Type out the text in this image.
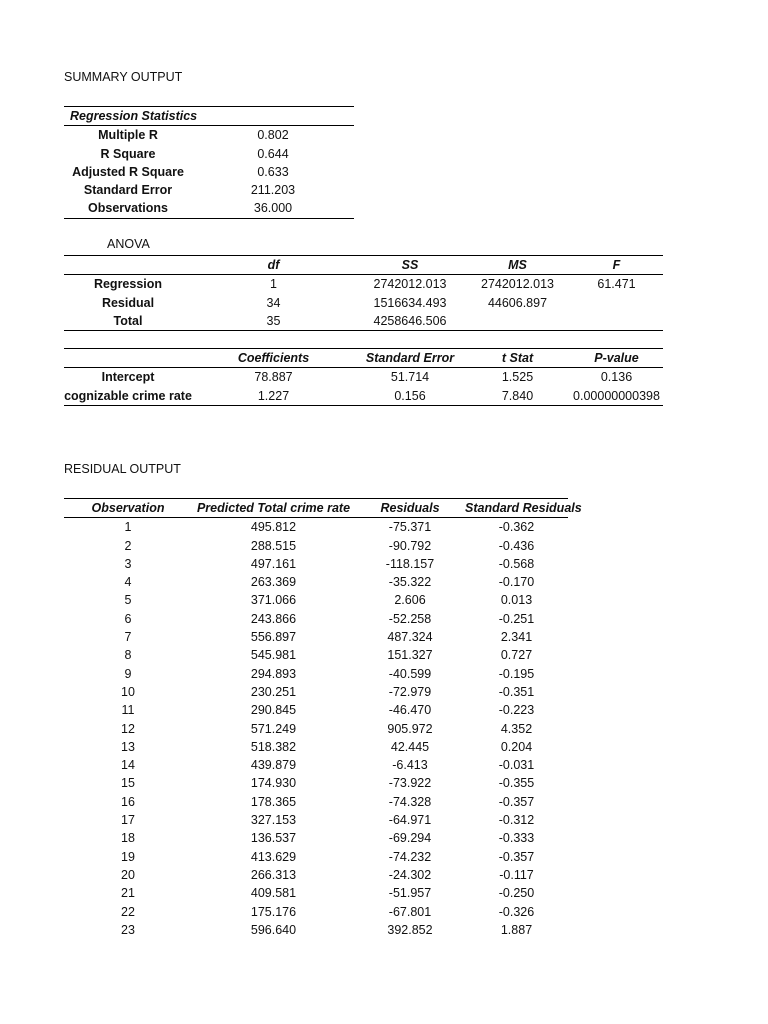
SUMMARY OUTPUT
Regression Statistics	
Multiple R	0.802
R Square	0.644
Adjusted R Square	0.633
Standard Error	211.203
Observations	36.000
ANOVA
	df	SS	MS	F
Regression	1	2742012.013	2742012.013	61.471
Residual	34	1516634.493	44606.897	
Total	35	4258646.506		
	Coefficients	Standard Error	t Stat	P-value
Intercept	78.887	51.714	1.525	0.136
cognizable crime rate	1.227	0.156	7.840	0.00000000398
RESIDUAL OUTPUT
Observation	Predicted Total crime rate	Residuals	Standard Residuals
1	495.812	-75.371	-0.362
2	288.515	-90.792	-0.436
3	497.161	-118.157	-0.568
4	263.369	-35.322	-0.170
5	371.066	2.606	0.013
6	243.866	-52.258	-0.251
7	556.897	487.324	2.341
8	545.981	151.327	0.727
9	294.893	-40.599	-0.195
10	230.251	-72.979	-0.351
11	290.845	-46.470	-0.223
12	571.249	905.972	4.352
13	518.382	42.445	0.204
14	439.879	-6.413	-0.031
15	174.930	-73.922	-0.355
16	178.365	-74.328	-0.357
17	327.153	-64.971	-0.312
18	136.537	-69.294	-0.333
19	413.629	-74.232	-0.357
20	266.313	-24.302	-0.117
21	409.581	-51.957	-0.250
22	175.176	-67.801	-0.326
23	596.640	392.852	1.887
